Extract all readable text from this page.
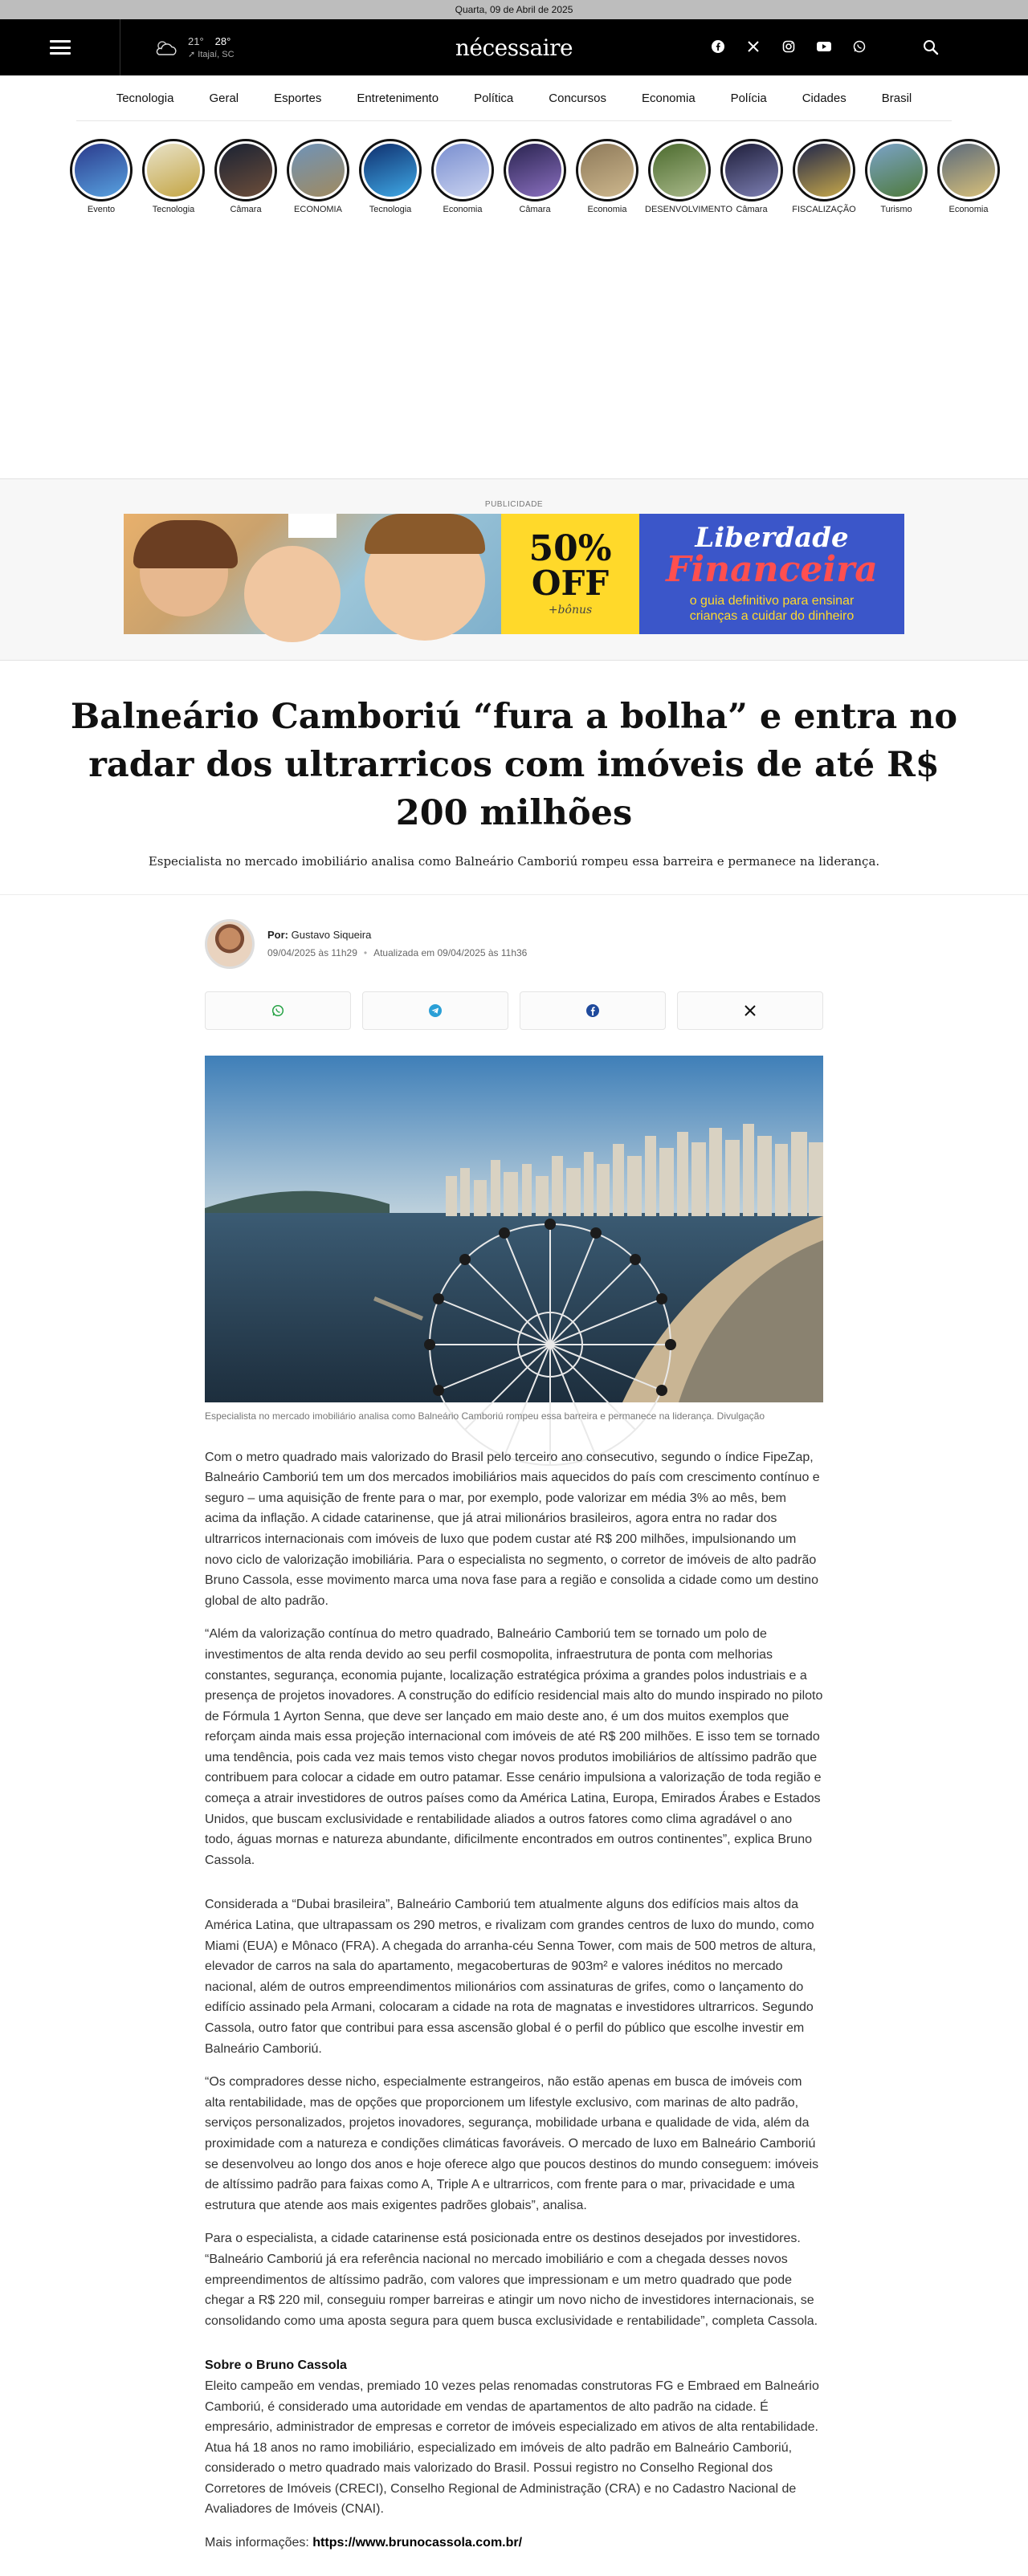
Quarta, 09 de Abril de 2025
21° 28°
➚ Itajaí, SC	nécessaire
Tecnologia	Geral	Esportes	Entretenimento	Política	Concursos	Economia	Polícia	Cidades	Brasil
Evento	Tecnologia	Câmara	ECONOMIA	Tecnologia	Economia	Câmara	Economia DESENVOLVIMENTO Câmara	FISCALIZAÇÃO	Turismo	Economia
PUBLICIDADE
50%
OFF
+bônus
Liberdade
Financeira
o guia definitivo para ensinar crianças a cuidar do dinheiro
Balneário Camboriú “fura a bolha” e entra no radar dos ultrarricos com imóveis de até R$ 200 milhões
Especialista no mercado imobiliário analisa como Balneário Camboriú rompeu essa barreira e permanece na liderança.
Por: Gustavo Siqueira
09/04/2025 às 11h29 • Atualizada em 09/04/2025 às 11h36
Especialista no mercado imobiliário analisa como Balneário Camboriú rompeu essa barreira e permanece na liderança. Divulgação

Com o metro quadrado mais valorizado do Brasil pelo terceiro ano consecutivo, segundo o índice FipeZap, Balneário Camboriú tem um dos mercados imobiliários mais aquecidos do país com crescimento contínuo e seguro – uma aquisição de frente para o mar, por exemplo, pode valorizar em média 3% ao mês, bem acima da inflação. A cidade catarinense, que já atrai milionários brasileiros, agora entra no radar dos ultrarricos internacionais com imóveis de luxo que podem custar até R$ 200 milhões, impulsionando um novo ciclo de valorização imobiliária. Para o especialista no segmento, o corretor de imóveis de alto padrão Bruno Cassola, esse movimento marca uma nova fase para a região e consolida a cidade como um destino global de alto padrão.

“Além da valorização contínua do metro quadrado, Balneário Camboriú tem se tornado um polo de investimentos de alta renda devido ao seu perfil cosmopolita, infraestrutura de ponta com melhorias constantes, segurança, economia pujante, localização estratégica próxima a grandes polos industriais e a presença de projetos inovadores. A construção do edifício residencial mais alto do mundo inspirado no piloto de Fórmula 1 Ayrton Senna, que deve ser lançado em maio deste ano, é um dos muitos exemplos que reforçam ainda mais essa projeção internacional com imóveis de até R$ 200 milhões. E isso tem se tornado uma tendência, pois cada vez mais temos visto chegar novos produtos imobiliários de altíssimo padrão que contribuem para colocar a cidade em outro patamar. Esse cenário impulsiona a valorização de toda região e começa a atrair investidores de outros países como da América Latina, Europa, Emirados Árabes e Estados Unidos, que buscam exclusividade e rentabilidade aliados a outros fatores como clima agradável o ano todo, águas mornas e natureza abundante, dificilmente encontrados em outros continentes”, explica Bruno Cassola.

Considerada a “Dubai brasileira”, Balneário Camboriú tem atualmente alguns dos edifícios mais altos da América Latina, que ultrapassam os 290 metros, e rivalizam com grandes centros de luxo do mundo, como Miami (EUA) e Mônaco (FRA). A chegada do arranha-céu Senna Tower, com mais de 500 metros de altura, elevador de carros na sala do apartamento, megacoberturas de 903m² e valores inéditos no mercado nacional, além de outros empreendimentos milionários com assinaturas de grifes, como o lançamento do edifício assinado pela Armani, colocaram a cidade na rota de magnatas e investidores ultrarricos. Segundo Cassola, outro fator que contribui para essa ascensão global é o perfil do público que escolhe investir em Balneário Camboriú.

“Os compradores desse nicho, especialmente estrangeiros, não estão apenas em busca de imóveis com alta rentabilidade, mas de opções que proporcionem um lifestyle exclusivo, com marinas de alto padrão, serviços personalizados, projetos inovadores, segurança, mobilidade urbana e qualidade de vida, além da proximidade com a natureza e condições climáticas favoráveis. O mercado de luxo em Balneário Camboriú se desenvolveu ao longo dos anos e hoje oferece algo que poucos destinos do mundo conseguem: imóveis de altíssimo padrão para faixas como A, Triple A e ultrarricos, com frente para o mar, privacidade e uma estrutura que atende aos mais exigentes padrões globais”, analisa.

Para o especialista, a cidade catarinense está posicionada entre os destinos desejados por investidores. “Balneário Camboriú já era referência nacional no mercado imobiliário e com a chegada desses novos empreendimentos de altíssimo padrão, com valores que impressionam e um metro quadrado que pode chegar a R$ 220 mil, conseguiu romper barreiras e atingir um novo nicho de investidores internacionais, se consolidando como uma aposta segura para quem busca exclusividade e rentabilidade”, completa Cassola.

Sobre o Bruno Cassola

Eleito campeão em vendas, premiado 10 vezes pelas renomadas construtoras FG e Embraed em Balneário Camboriú, é considerado uma autoridade em vendas de apartamentos de alto padrão na cidade. É empresário, administrador de empresas e corretor de imóveis especializado em ativos de alta rentabilidade. Atua há 18 anos no ramo imobiliário, especializado em imóveis de alto padrão em Balneário Camboriú, considerado o metro quadrado mais valorizado do Brasil. Possui registro no Conselho Regional dos Corretores de Imóveis (CRECI), Conselho Regional de Administração (CRA) e no Cadastro Nacional de Avaliadores de Imóveis (CNAI).

Mais informações: https://www.brunocassola.com.br/
